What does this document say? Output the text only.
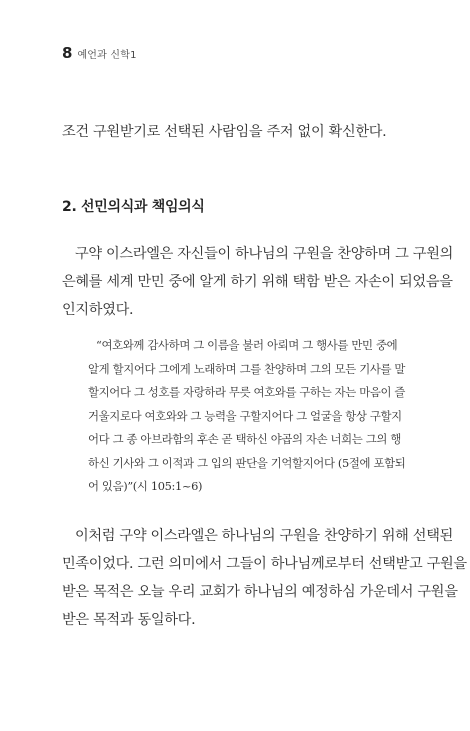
8 예언과 신학1
조건 구원받기로 선택된 사람임을 주저 없이 확신한다.
2. 선민의식과 책임의식
구약 이스라엘은 자신들이 하나님의 구원을 찬양하며 그 구원의
은혜를 세계 만민 중에 알게 하기 위해 택함 받은 자손이 되었음을
인지하였다.
“여호와께 감사하며 그 이름을 불러 아뢰며 그 행사를 만민 중에
알게 할지어다 그에게 노래하며 그를 찬양하며 그의 모든 기사를 말
할지어다 그 성호를 자랑하라 무릇 여호와를 구하는 자는 마음이 즐
거울지로다 여호와와 그 능력을 구할지어다 그 얼굴을 항상 구할지
어다 그 종 아브라함의 후손 곧 택하신 야곱의 자손 너희는 그의 행
하신 기사와 그 이적과 그 입의 판단을 기억할지어다 (5절에 포함되
어 있음)”(시 105:1~6)
이처럼 구약 이스라엘은 하나님의 구원을 찬양하기 위해 선택된
민족이었다. 그런 의미에서 그들이 하나님께로부터 선택받고 구원을
받은 목적은 오늘 우리 교회가 하나님의 예정하심 가운데서 구원을
받은 목적과 동일하다.
